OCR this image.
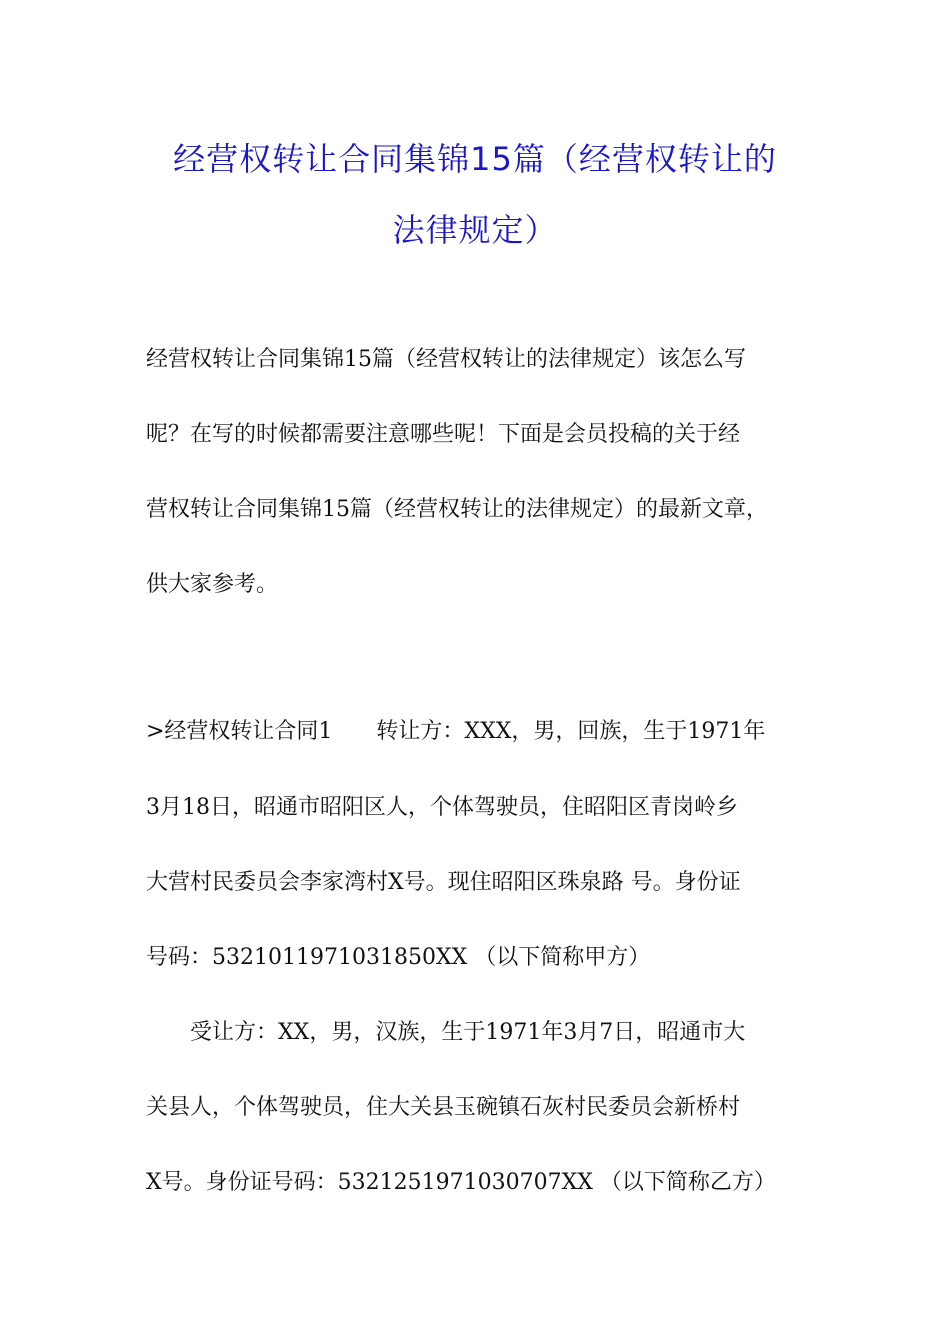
经营权转让合同集锦15篇（经营权转让的
法律规定）
经营权转让合同集锦15篇（经营权转让的法律规定）该怎么写
呢？在写的时候都需要注意哪些呢！下面是会员投稿的关于经
营权转让合同集锦15篇（经营权转让的法律规定）的最新文章，
供大家参考。
>经营权转让合同1　　转让方：XXX，男，回族，生于1971年
3月18日，昭通市昭阳区人，个体驾驶员，住昭阳区青岗岭乡
大营村民委员会李家湾村X号。现住昭阳区珠泉路 号。身份证
号码：5321011971031850XX （以下简称甲方）
　　受让方：XX，男，汉族，生于1971年3月7日，昭通市大
关县人，个体驾驶员，住大关县玉碗镇石灰村民委员会新桥村
X号。身份证号码：5321251971030707XX （以下简称乙方）
